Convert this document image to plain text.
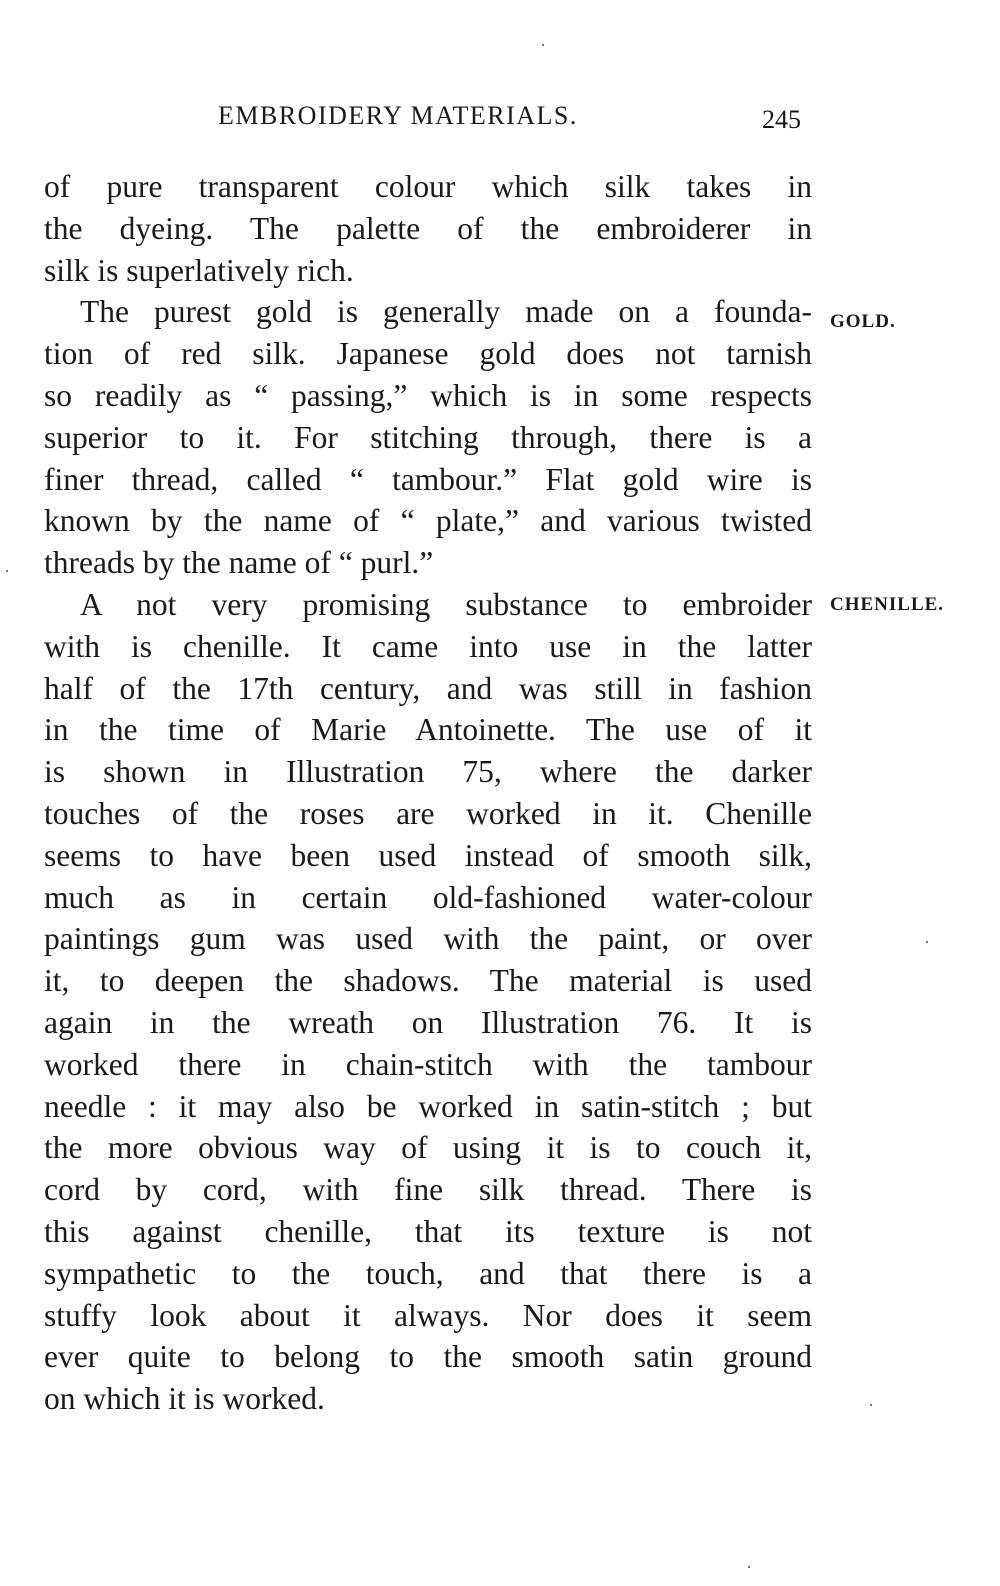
EMBROIDERY MATERIALS.	245
GOLD.
CHENILLE.
of pure transparent colour which silk takes in
the dyeing. The palette of the embroiderer in
silk is superlatively rich.
The purest gold is generally made on a founda-
tion of red silk. Japanese gold does not tarnish
so readily as “ passing,” which is in some respects
superior to it. For stitching through, there is a
finer thread, called “ tambour.” Flat gold wire is
known by the name of “ plate,” and various twisted
threads by the name of “ purl.”
A not very promising substance to embroider
with is chenille. It came into use in the latter
half of the 17th century, and was still in fashion
in the time of Marie Antoinette. The use of it
is shown in Illustration 75, where the darker
touches of the roses are worked in it. Chenille
seems to have been used instead of smooth silk,
much as in certain old-fashioned water-colour
paintings gum was used with the paint, or over
it, to deepen the shadows. The material is used
again in the wreath on Illustration 76. It is
worked there in chain-stitch with the tambour
needle : it may also be worked in satin-stitch ; but
the more obvious way of using it is to couch it,
cord by cord, with fine silk thread. There is
this against chenille, that its texture is not
sympathetic to the touch, and that there is a
stuffy look about it always. Nor does it seem
ever quite to belong to the smooth satin ground
on which it is worked.
